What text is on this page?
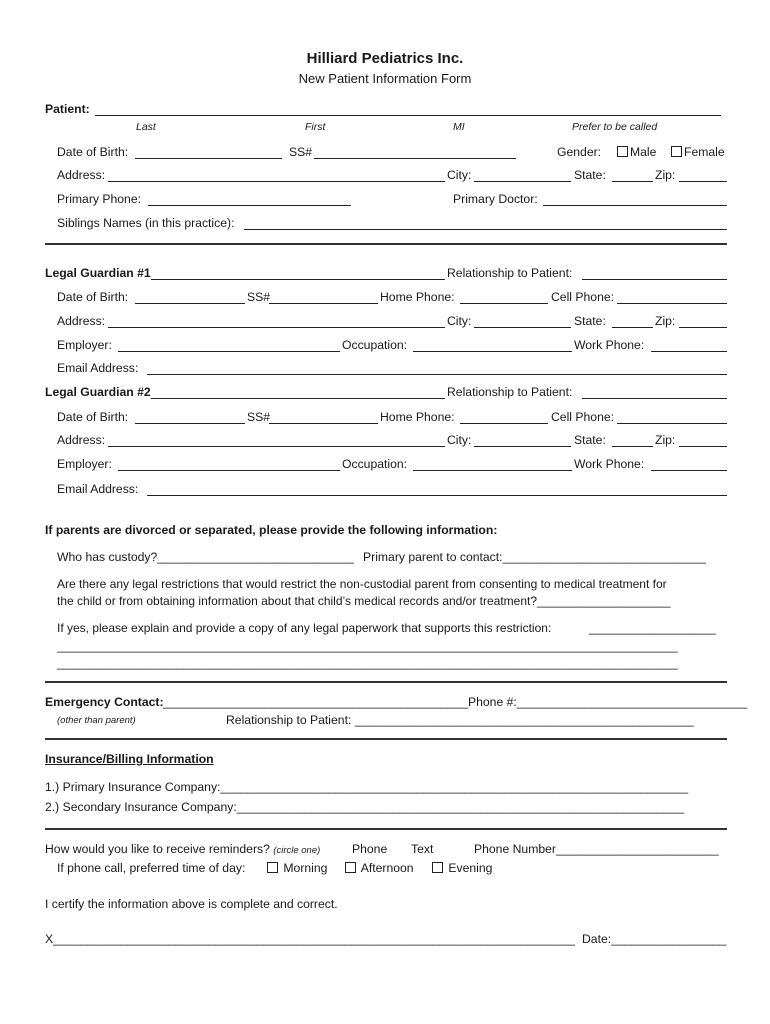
Hilliard Pediatrics Inc.
New Patient Information Form
Patient:
Last	First	MI	Prefer to be called
Date of Birth:	SS#	Gender:	Male	Female
Address:	City:	State:	Zip:
Primary Phone:	Primary Doctor:
Siblings Names (in this practice):
Legal Guardian #1	Relationship to Patient:
Date of Birth:	SS#	Home Phone:	Cell Phone:
Address:	City:	State:	Zip:
Employer:	Occupation:	Work Phone:
Email Address:
Legal Guardian #2	Relationship to Patient:
Date of Birth:	SS#	Home Phone:	Cell Phone:
Address:	City:	State:	Zip:
Employer:	Occupation:	Work Phone:
Email Address:
If parents are divorced or separated, please provide the following information:
Who has custody?_____________________________ Primary parent to contact:______________________________
Are there any legal restrictions that would restrict the non-custodial parent from consenting to medical treatment for
the child or from obtaining information about that child’s medical records and/or treatment?____________________
If yes, please explain and provide a copy of any legal paperwork that supports this restriction:	___________________
_____________________________________________________________________________________________
_____________________________________________________________________________________________
Emergency Contact: _____________________________________________ Phone #:__________________________________
(other than parent)	Relationship to Patient: __________________________________________________
Insurance/Billing Information
1.) Primary Insurance Company:_____________________________________________________________________
2.) Secondary Insurance Company:__________________________________________________________________
How would you like to receive reminders? (circle one)	Phone Text	Phone Number________________________
If phone call, preferred time of day:	Morning	Afternoon	Evening
I certify the information above is complete and correct.
X_____________________________________________________________________________ Date:_________________
